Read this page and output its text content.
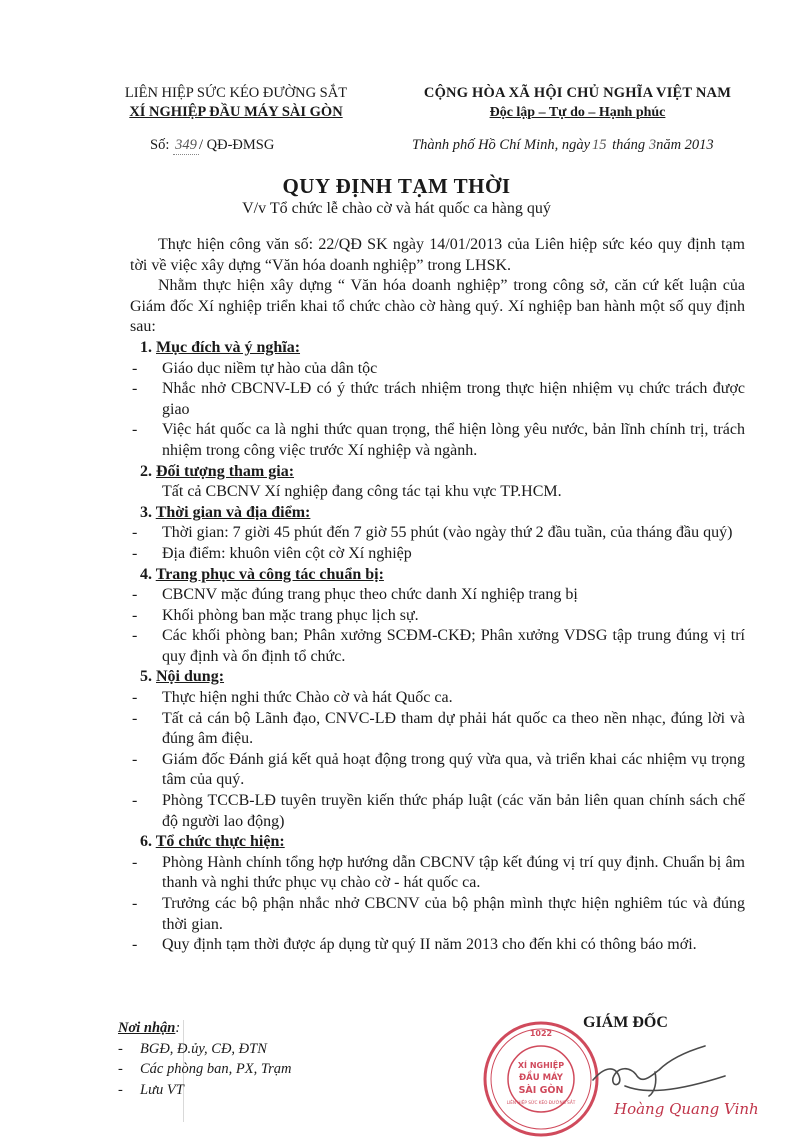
LIÊN HIỆP SỨC KÉO ĐƯỜNG SẮT
XÍ NGHIỆP ĐẦU MÁY SÀI GÒN
CỘNG HÒA XÃ HỘI CHỦ NGHĨA VIỆT NAM
Độc lập – Tự do – Hạnh phúc
Số: 349 / QĐ-ĐMSG	Thành phố Hồ Chí Minh, ngày 15 tháng 3năm 2013
QUY ĐỊNH TẠM THỜI
V/v Tổ chức lễ chào cờ và hát quốc ca hàng quý

Thực hiện công văn số: 22/QĐ SK ngày 14/01/2013 của Liên hiệp sức kéo quy định tạm tời về việc xây dựng “Văn hóa doanh nghiệp” trong LHSK.

Nhằm thực hiện xây dựng “ Văn hóa doanh nghiệp” trong công sở, căn cứ kết luận của Giám đốc Xí nghiệp triển khai tổ chức chào cờ hàng quý. Xí nghiệp ban hành một số quy định sau:

1. Mục đích và ý nghĩa:
- Giáo dục niềm tự hào của dân tộc
- Nhắc nhở CBCNV-LĐ có ý thức trách nhiệm trong thực hiện nhiệm vụ chức trách được giao
- Việc hát quốc ca là nghi thức quan trọng, thể hiện lòng yêu nước, bản lĩnh chính trị, trách nhiệm trong công việc trước Xí nghiệp và ngành.
2. Đối tượng tham gia:
Tất cả CBCNV Xí nghiệp đang công tác tại khu vực TP.HCM.
3. Thời gian và địa điểm:
- Thời gian: 7 giời 45 phút đến 7 giờ 55 phút (vào ngày thứ 2 đầu tuần, của tháng đầu quý)
- Địa điểm: khuôn viên cột cờ Xí nghiệp
4. Trang phục và công tác chuẩn bị:
- CBCNV mặc đúng trang phục theo chức danh Xí nghiệp trang bị
- Khối phòng ban mặc trang phục lịch sự.
- Các khối phòng ban; Phân xưởng SCĐM-CKĐ; Phân xưởng VDSG tập trung đúng vị trí quy định và ổn định tổ chức.
5. Nội dung:
- Thực hiện nghi thức Chào cờ và hát Quốc ca.
- Tất cả cán bộ Lãnh đạo, CNVC-LĐ tham dự phải hát quốc ca theo nền nhạc, đúng lời và đúng âm điệu.
- Giám đốc Đánh giá kết quả hoạt động trong quý vừa qua, và triển khai các nhiệm vụ trọng tâm của quý.
- Phòng TCCB-LĐ tuyên truyền kiến thức pháp luật (các văn bản liên quan chính sách chế độ người lao động)
6. Tổ chức thực hiện:
- Phòng Hành chính tổng hợp hướng dẫn CBCNV tập kết đúng vị trí quy định. Chuẩn bị âm thanh và nghi thức phục vụ chào cờ - hát quốc ca.
- Trưởng các bộ phận nhắc nhở CBCNV của bộ phận mình thực hiện nghiêm túc và đúng thời gian.
- Quy định tạm thời được áp dụng từ quý II năm 2013 cho đến khi có thông báo mới.
Nơi nhận:
- BGĐ, Đ.ủy, CĐ, ĐTN
- Các phòng ban, PX, Trạm
- Lưu VT
1022
XÍ NGHIỆP
ĐẦU MÁY
SÀI GÒN
LIÊN HIỆP SỨC KÉO ĐƯỜNG SẮT
GIÁM ĐỐC
Hoàng Quang Vinh
